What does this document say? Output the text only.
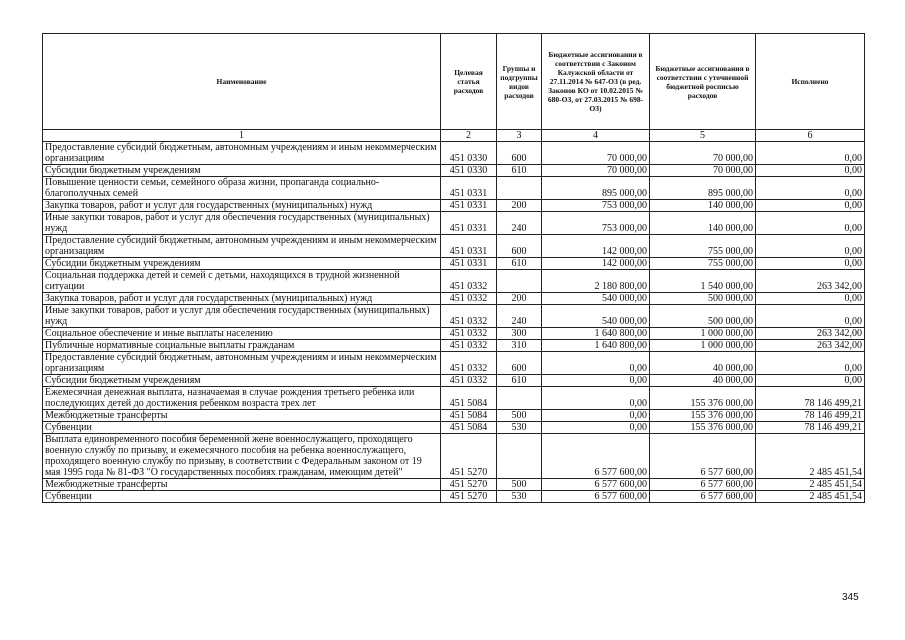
Наименование	Целевая статья расходов	Группы и подгруппы видов расходов	Бюджетные ассигнования в соответствии с Законом Калужской области от 27.11.2014 № 647-ОЗ (в ред. Законов КО от 10.02.2015 № 680-ОЗ, от 27.03.2015 № 698-ОЗ)	Бюджетные ассигнования в соответствии с уточненной бюджетной росписью расходов	Исполнено
1	2	3	4	5	6
Предоставление субсидий бюджетным, автономным учреждениям и иным некоммерческим организациям	451 0330	600	70 000,00	70 000,00	0,00
Субсидии бюджетным учреждениям	451 0330	610	70 000,00	70 000,00	0,00
Повышение ценности семьи, семейного образа жизни, пропаганда социально-благополучных семей	451 0331		895 000,00	895 000,00	0,00
Закупка товаров, работ и услуг для государственных (муниципальных) нужд	451 0331	200	753 000,00	140 000,00	0,00
Иные закупки товаров, работ и услуг для обеспечения государственных (муниципальных) нужд	451 0331	240	753 000,00	140 000,00	0,00
Предоставление субсидий бюджетным, автономным учреждениям и иным некоммерческим организациям	451 0331	600	142 000,00	755 000,00	0,00
Субсидии бюджетным учреждениям	451 0331	610	142 000,00	755 000,00	0,00
Социальная поддержка детей и семей с детьми, находящихся в трудной жизненной ситуации	451 0332		2 180 800,00	1 540 000,00	263 342,00
Закупка товаров, работ и услуг для государственных (муниципальных) нужд	451 0332	200	540 000,00	500 000,00	0,00
Иные закупки товаров, работ и услуг для обеспечения государственных (муниципальных) нужд	451 0332	240	540 000,00	500 000,00	0,00
Социальное обеспечение и иные выплаты населению	451 0332	300	1 640 800,00	1 000 000,00	263 342,00
Публичные нормативные социальные выплаты гражданам	451 0332	310	1 640 800,00	1 000 000,00	263 342,00
Предоставление субсидий бюджетным, автономным учреждениям и иным некоммерческим организациям	451 0332	600	0,00	40 000,00	0,00
Субсидии бюджетным учреждениям	451 0332	610	0,00	40 000,00	0,00
Ежемесячная денежная выплата, назначаемая в случае рождения третьего ребенка или последующих детей до достижения ребенком возраста трех лет	451 5084		0,00	155 376 000,00	78 146 499,21
Межбюджетные трансферты	451 5084	500	0,00	155 376 000,00	78 146 499,21
Субвенции	451 5084	530	0,00	155 376 000,00	78 146 499,21
Выплата единовременного пособия беременной жене военнослужащего, проходящего военную службу по призыву, и ежемесячного пособия на ребенка военнослужащего, проходящего военную службу по призыву, в соответствии с Федеральным законом от 19 мая 1995 года № 81-ФЗ "О государственных пособиях гражданам, имеющим детей"	451 5270		6 577 600,00	6 577 600,00	2 485 451,54
Межбюджетные трансферты	451 5270	500	6 577 600,00	6 577 600,00	2 485 451,54
Субвенции	451 5270	530	6 577 600,00	6 577 600,00	2 485 451,54
345
